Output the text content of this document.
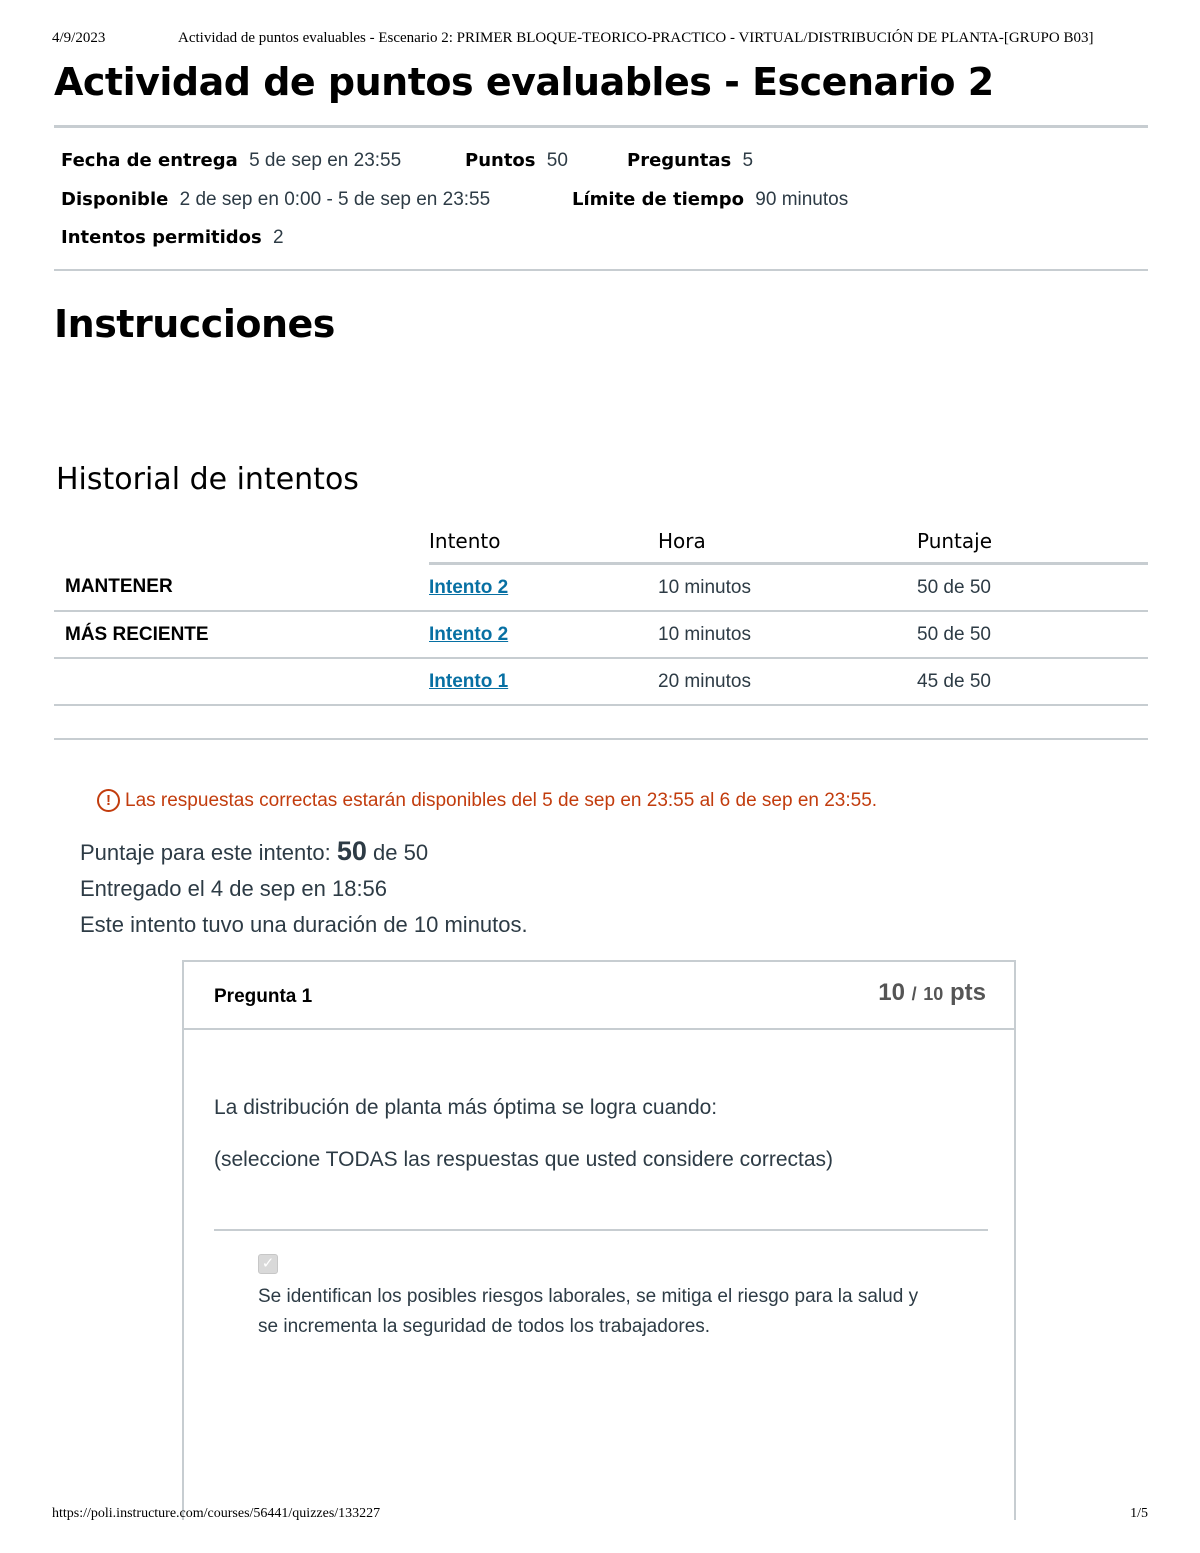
4/9/2023	Actividad de puntos evaluables - Escenario 2: PRIMER BLOQUE-TEORICO-PRACTICO - VIRTUAL/DISTRIBUCIÓN DE PLANTA-[GRUPO B03]
Actividad de puntos evaluables - Escenario 2
Fecha de entrega 5 de sep en 23:55	Puntos 50	Preguntas 5
Disponible 2 de sep en 0:00 - 5 de sep en 23:55	Límite de tiempo 90 minutos
Intentos permitidos 2
Instrucciones
Historial de intentos
	Intento	Hora	Puntaje
MANTENER	Intento 2	10 minutos	50 de 50
MÁS RECIENTE	Intento 2	10 minutos	50 de 50
	Intento 1	20 minutos	45 de 50
! Las respuestas correctas estarán disponibles del 5 de sep en 23:55 al 6 de sep en 23:55.
Puntaje para este intento: 50 de 50
Entregado el 4 de sep en 18:56
Este intento tuvo una duración de 10 minutos.
Pregunta 1	10 / 10 pts

La distribución de planta más óptima se logra cuando:

(seleccione TODAS las respuestas que usted considere correctas)

✓

Se identifican los posibles riesgos laborales, se mitiga el riesgo para la salud y se incrementa la seguridad de todos los trabajadores.

https://poli.instructure.com/courses/56441/quizzes/133227	1/5
